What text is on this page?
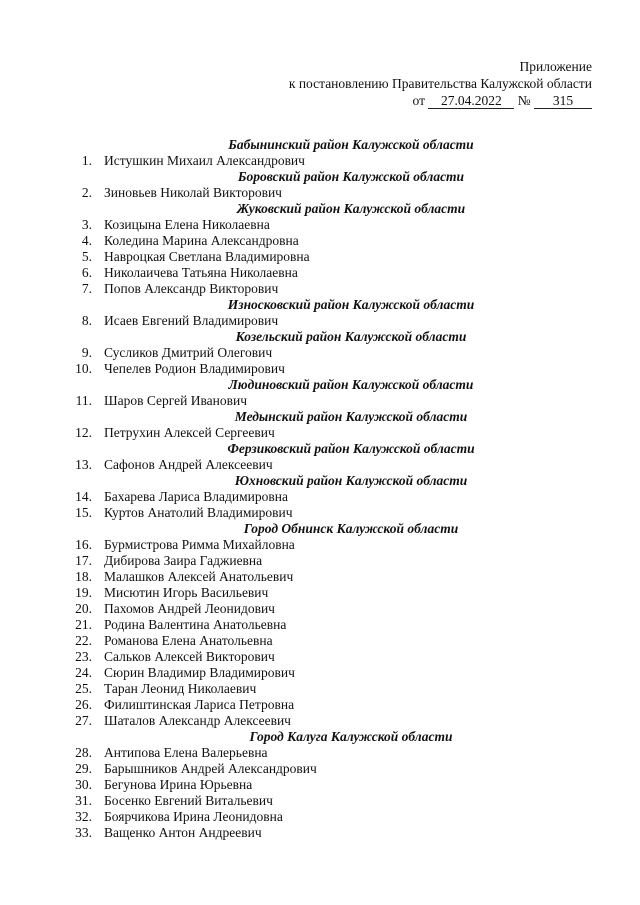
Приложение
к постановлению Правительства Калужской области
от 27.04.2022 № 315
Бабынинский район Калужской области
1. Истушкин Михаил Александрович
Боровский район Калужской области
2. Зиновьев Николай Викторович
Жуковский район Калужской области
3. Козицына Елена Николаевна
4. Коледина Марина Александровна
5. Навроцкая Светлана Владимировна
6. Николаичева Татьяна Николаевна
7. Попов Александр Викторович
Износковский район Калужской области
8. Исаев Евгений Владимирович
Козельский район Калужской области
9. Сусликов Дмитрий Олегович
10. Чепелев Родион Владимирович
Людиновский район Калужской области
11. Шаров Сергей Иванович
Медынский район Калужской области
12. Петрухин Алексей Сергеевич
Ферзиковский район Калужской области
13. Сафонов Андрей Алексеевич
Юхновский район Калужской области
14. Бахарева Лариса Владимировна
15. Куртов Анатолий Владимирович
Город Обнинск Калужской области
16. Бурмистрова Римма Михайловна
17. Дибирова Заира Гаджиевна
18. Малашков Алексей Анатольевич
19. Мисютин Игорь Васильевич
20. Пахомов Андрей Леонидович
21. Родина Валентина Анатольевна
22. Романова Елена Анатольевна
23. Сальков Алексей Викторович
24. Сюрин Владимир Владимирович
25. Таран Леонид Николаевич
26. Филиштинская Лариса Петровна
27. Шаталов Александр Алексеевич
Город Калуга Калужской области
28. Антипова Елена Валерьевна
29. Барышников Андрей Александрович
30. Бегунова Ирина Юрьевна
31. Босенко Евгений Витальевич
32. Боярчикова Ирина Леонидовна
33. Ващенко Антон Андреевич
